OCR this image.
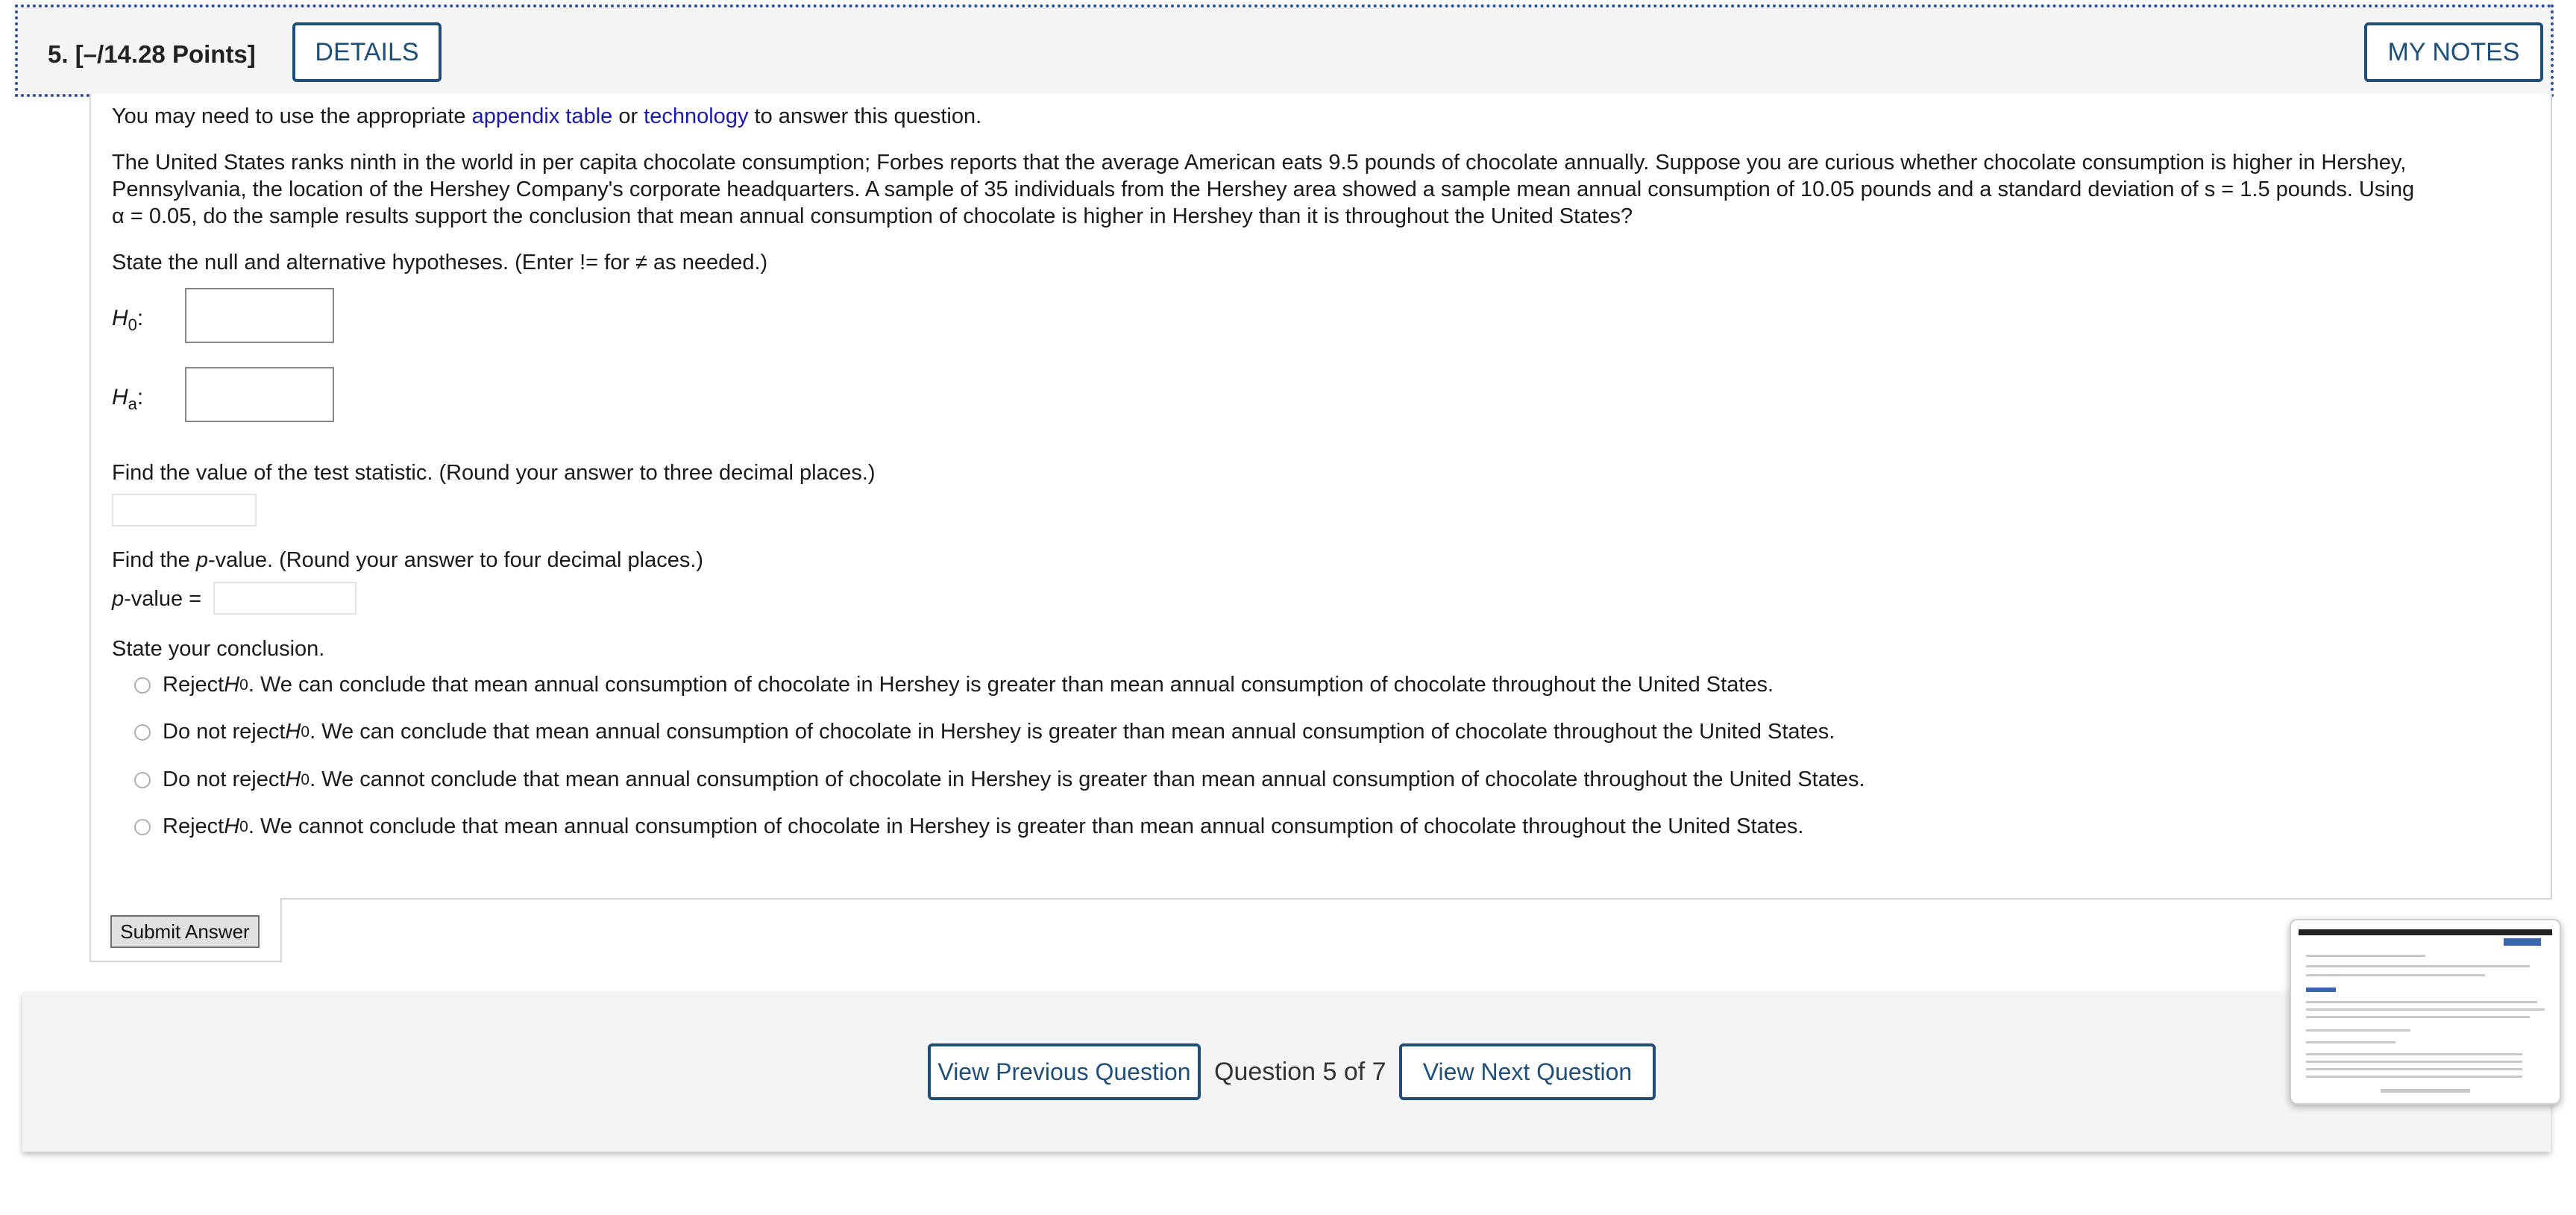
5. [–/14.28 Points]	DETAILS	MY NOTES
You may need to use the appropriate appendix table or technology to answer this question.
The United States ranks ninth in the world in per capita chocolate consumption; Forbes reports that the average American eats 9.5 pounds of chocolate annually. Suppose you are curious whether chocolate consumption is higher in Hershey,
Pennsylvania, the location of the Hershey Company's corporate headquarters. A sample of 35 individuals from the Hershey area showed a sample mean annual consumption of 10.05 pounds and a standard deviation of s = 1.5 pounds. Using
α = 0.05, do the sample results support the conclusion that mean annual consumption of chocolate is higher in Hershey than it is throughout the United States?
State the null and alternative hypotheses. (Enter != for ≠ as needed.)
$H_0$:
$H_a$:
Find the value of the test statistic. (Round your answer to three decimal places.)
Find the p-value. (Round your answer to four decimal places.)
p-value =
State your conclusion.
Reject H 0 . We can conclude that mean annual consumption of chocolate in Hershey is greater than mean annual consumption of chocolate throughout the United States.
Do not reject H 0 . We can conclude that mean annual consumption of chocolate in Hershey is greater than mean annual consumption of chocolate throughout the United States.
Do not reject H 0 . We cannot conclude that mean annual consumption of chocolate in Hershey is greater than mean annual consumption of chocolate throughout the United States.
Reject H 0 . We cannot conclude that mean annual consumption of chocolate in Hershey is greater than mean annual consumption of chocolate throughout the United States.
Submit Answer
View Previous Question Question 5 of 7	View Next Question
